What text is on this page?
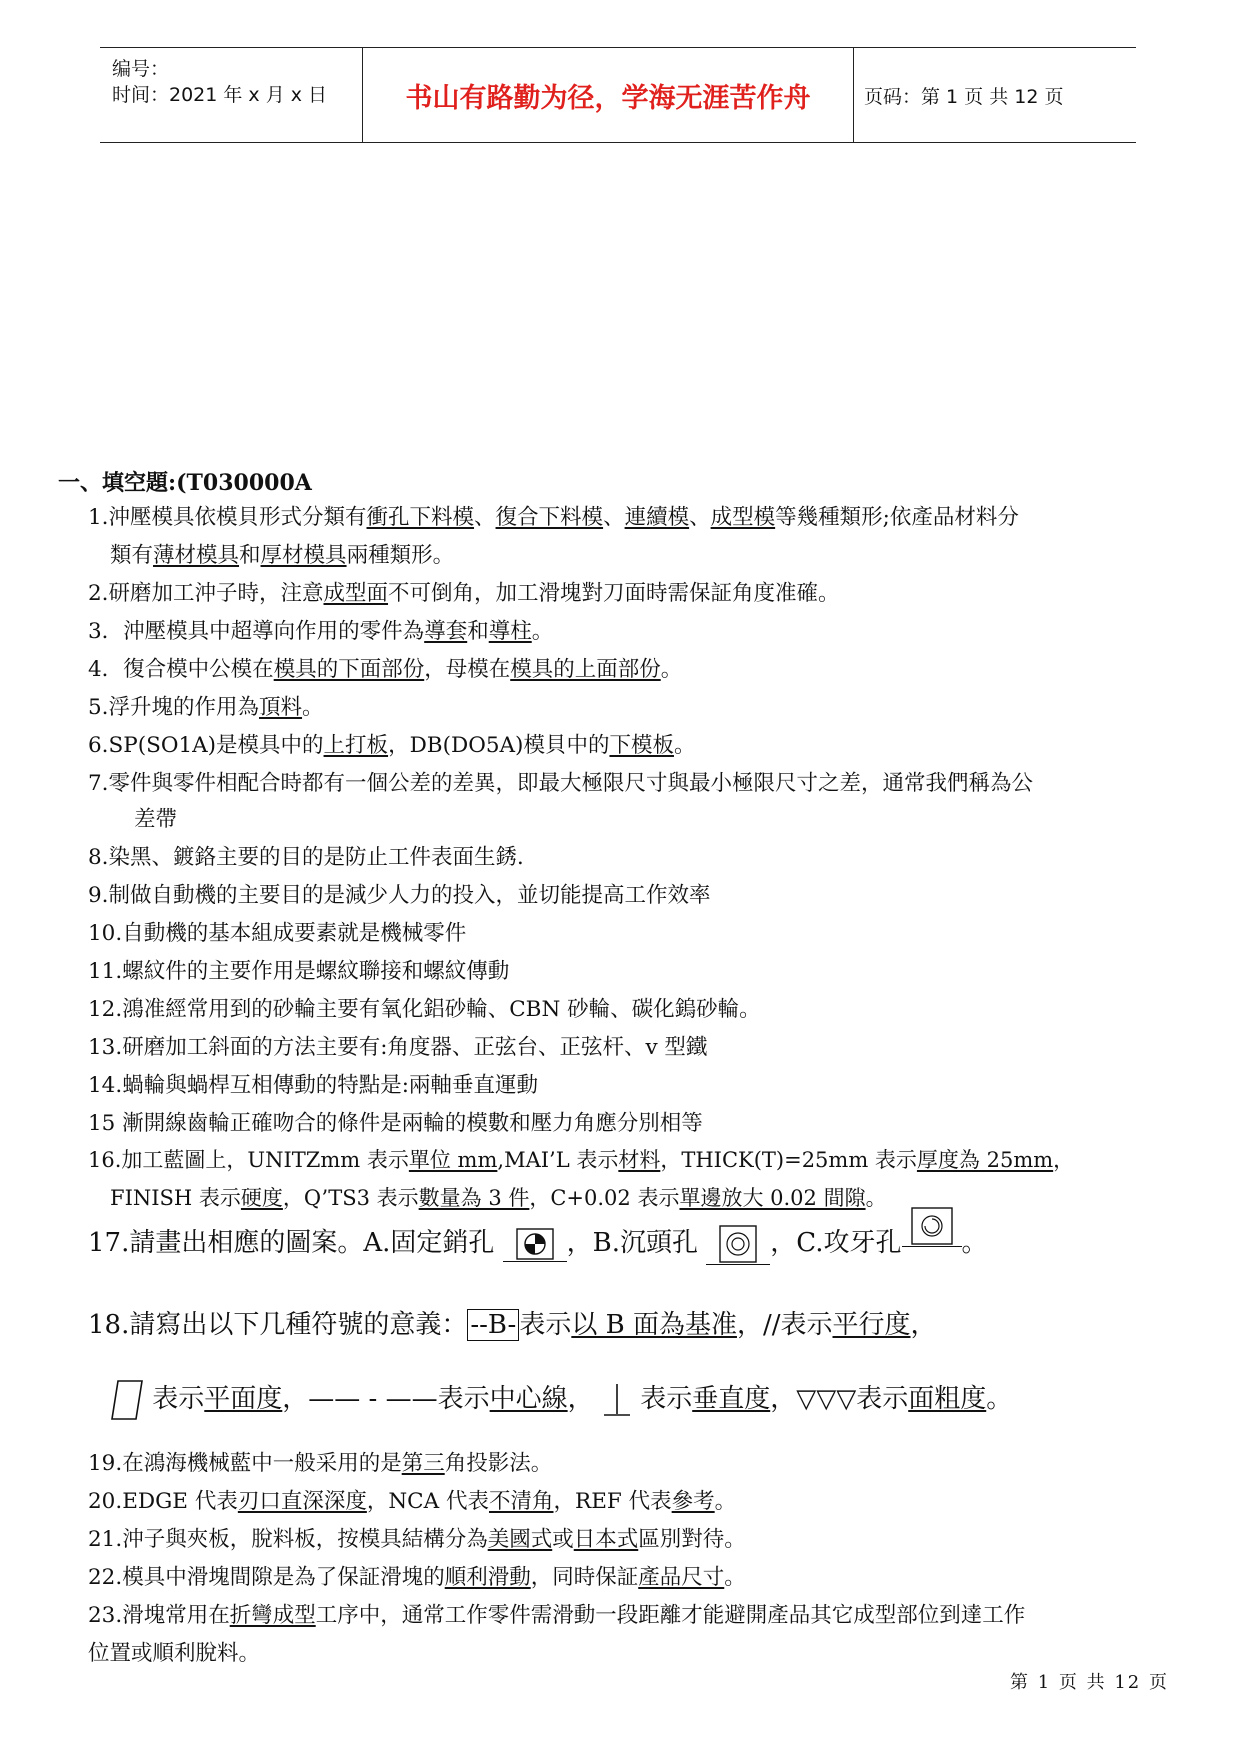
编号：
时间：2021 年 x 月 x 日	书山有路勤为径，学海无涯苦作舟	页码：第 1 页 共 12 页
一、填空題:(T030000A
1.沖壓模具依模貝形式分類有衝孔下料模、復合下料模、連續模、成型模等幾種類形;依產品材料分
類有薄材模具和厚材模具兩種類形。
2.研磨加工沖子時，注意成型面不可倒角，加工滑塊對刀面時需保証角度准確。
3．沖壓模具中超導向作用的零件為導套和導柱。
4．復合模中公模在模具的下面部份，母模在模具的上面部份。
5.浮升塊的作用為頂料。
6.SP(SO1A)是模具中的上打板，DB(DO5A)模貝中的下模板。
7.零件與零件相配合時都有一個公差的差異，即最大極限尺寸與最小極限尺寸之差，通常我們稱為公
差帶
8.染黑、鍍鉻主要的目的是防止工件表面生銹．
9.制做自動機的主要目的是減少人力的投入，並切能提高工作效率
10.自動機的基本組成要素就是機械零件
11.螺紋件的主要作用是螺紋聯接和螺紋傳動
12.鴻准經常用到的砂輪主要有氧化鋁砂輪、CBN 砂輪、碳化鎢砂輪。
13.研磨加工斜面的方法主要有:角度器、正弦台、正弦杆、v 型鐵
14.蝸輪與蝸桿互相傳動的特點是:兩軸垂直運動
15 漸開線齒輪正確吻合的條件是兩輪的模數和壓力角應分別相等
16.加工藍圖上，UNITZmm 表示單位 mm,MAI’L 表示材料，THICK(T)=25mm 表示厚度為 25mm，
FINISH 表示硬度，Q’TS3 表示數量為 3 件，C+0.02 表示單邊放大 0.02 間隙。
17.請畫出相應的圖案。A.固定銷孔	，B.沉頭孔	，C.攻牙孔 。
18.請寫出以下几種符號的意義： --B- 表示以 B 面為基准，//表示平行度，
表示平面度，—— - ——表示中心線， 表示垂直度，▽▽▽表示面粗度。
19.在鴻海機械藍中一般采用的是第三角投影法。
20.EDGE 代表刃口直深深度，NCA 代表不清角，REF 代表參考。
21.沖子與夾板，脫料板，按模具結構分為美國式或日本式區別對待。
22.模具中滑塊間隙是為了保証滑塊的順利滑動，同時保証產品尺寸。
23.滑塊常用在折彎成型工序中，通常工作零件需滑動一段距離才能避開產品其它成型部位到達工作
位置或順利脫料。
第 1 页 共 12 页
